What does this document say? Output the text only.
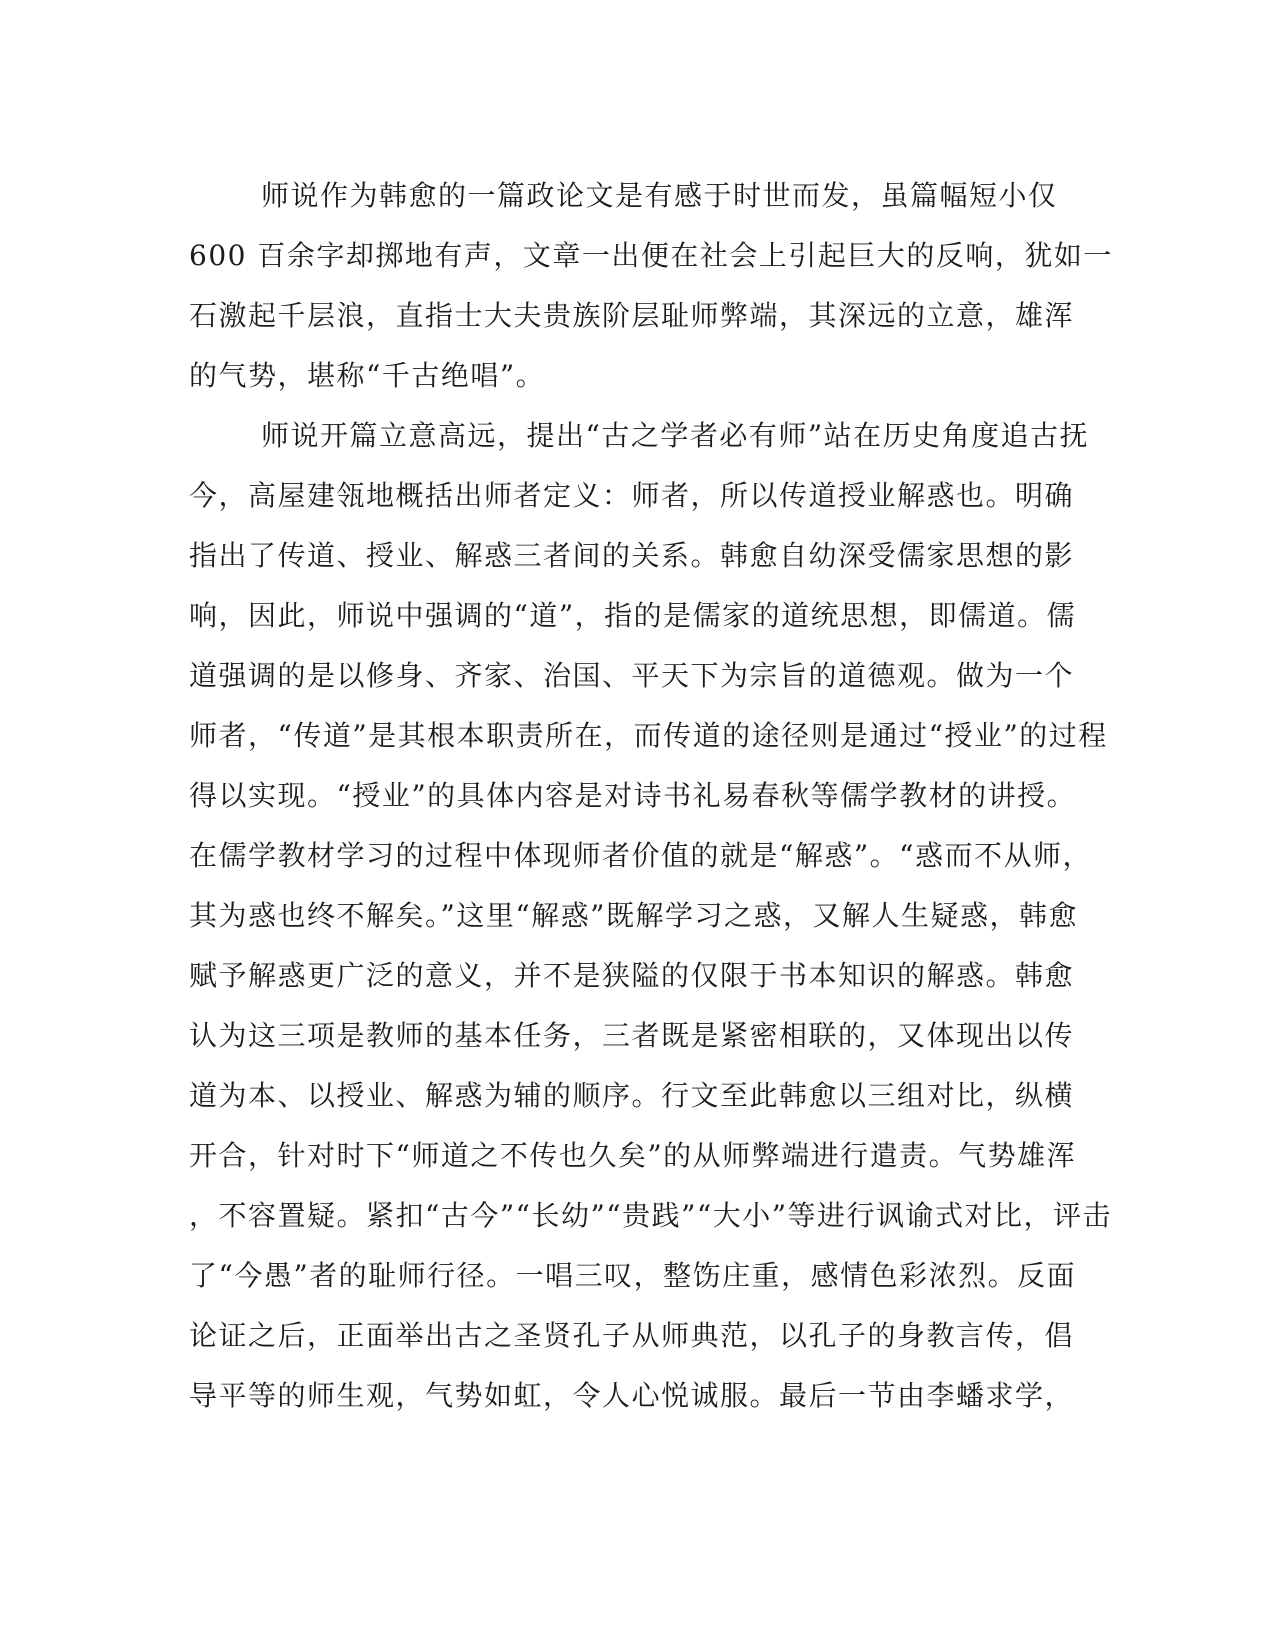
师说作为韩愈的一篇政论文是有感于时世而发，虽篇幅短小仅
600 百余字却掷地有声，文章一出便在社会上引起巨大的反响，犹如一
石激起千层浪，直指士大夫贵族阶层耻师弊端，其深远的立意，雄浑
的气势，堪称“千古绝唱”。
师说开篇立意高远，提出“古之学者必有师”站在历史角度追古抚
今，高屋建瓴地概括出师者定义：师者，所以传道授业解惑也。明确
指出了传道、授业、解惑三者间的关系。韩愈自幼深受儒家思想的影
响，因此，师说中强调的“道”，指的是儒家的道统思想，即儒道。儒
道强调的是以修身、齐家、治国、平天下为宗旨的道德观。做为一个
师者，“传道”是其根本职责所在，而传道的途径则是通过“授业”的过程
得以实现。“授业”的具体内容是对诗书礼易春秋等儒学教材的讲授。
在儒学教材学习的过程中体现师者价值的就是“解惑”。“惑而不从师，
其为惑也终不解矣。”这里“解惑”既解学习之惑，又解人生疑惑，韩愈
赋予解惑更广泛的意义，并不是狭隘的仅限于书本知识的解惑。韩愈
认为这三项是教师的基本任务，三者既是紧密相联的，又体现出以传
道为本、以授业、解惑为辅的顺序。行文至此韩愈以三组对比，纵横
开合，针对时下“师道之不传也久矣”的从师弊端进行遣责。气势雄浑
，不容置疑。紧扣“古今”“长幼”“贵践”“大小”等进行讽谕式对比，评击
了“今愚”者的耻师行径。一唱三叹，整饬庄重，感情色彩浓烈。反面
论证之后，正面举出古之圣贤孔子从师典范，以孔子的身教言传，倡
导平等的师生观，气势如虹，令人心悦诚服。最后一节由李蟠求学，
